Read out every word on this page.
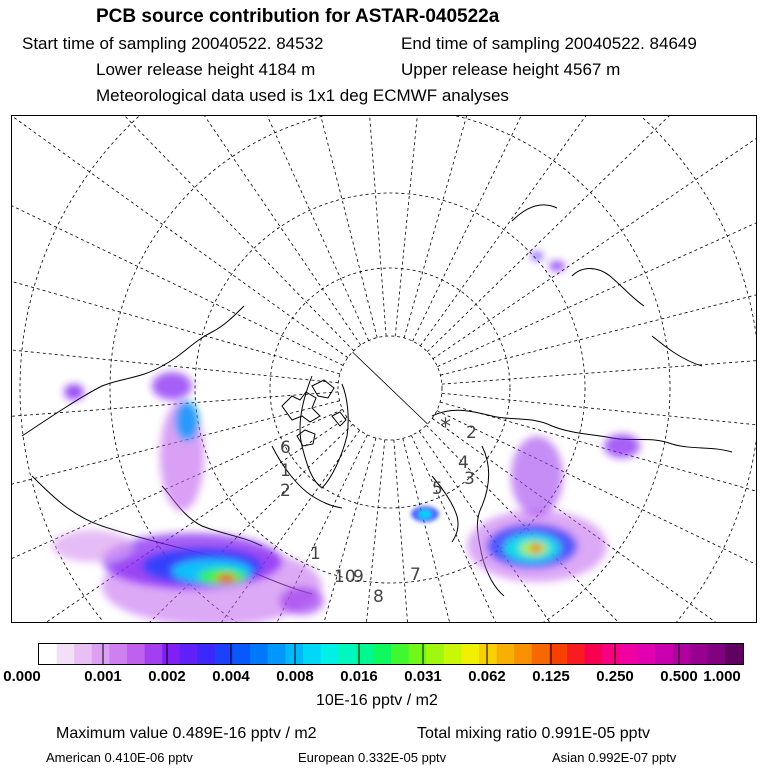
PCB source contribution for ASTAR-040522a
Start time of sampling 20040522. 84532	End time of sampling 20040522. 84649
Lower release height 4184 m	Upper release height 4567 m
Meteorological data used is 1x1 deg ECMWF analyses
1
2
3
4
5
6
7
8
9
10
1
2
*
0.000	0.001 0.002 0.004 0.008 0.016 0.031 0.062 0.125 0.250 0.500 1.000
10E-16 pptv / m2
Maximum value 0.489E-16 pptv / m2	Total mixing ratio 0.991E-05 pptv
American 0.410E-06 pptv	European 0.332E-05 pptv	Asian 0.992E-07 pptv
